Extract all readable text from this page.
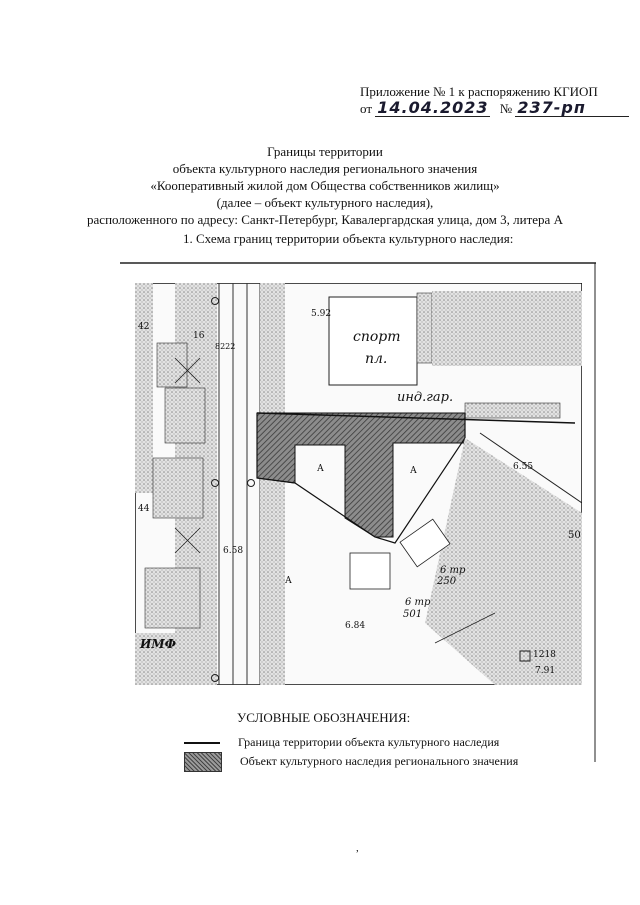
Приложение № 1 к распоряжению КГИОП
от 14.04.2023 № 237-рп
Границы территории
объекта культурного наследия регионального значения
«Кооперативный жилой дом Общества собственников жилищ»
(далее – объект культурного наследия),
расположенного по адресу: Санкт-Петербург, Кавалергардская улица, дом 3, литера А
1. Схема границ территории объекта культурного наследия:
спорт
пл.
инд.гар.
ИМФ
А	А
А
6 тр
250
6 тр
501
5.92
6.55
6.58
6.84
1218
7.91
8222
42
44
50
16
УСЛОВНЫЕ ОБОЗНАЧЕНИЯ:
Граница территории объекта культурного наследия
Объект культурного наследия регионального значения
,
